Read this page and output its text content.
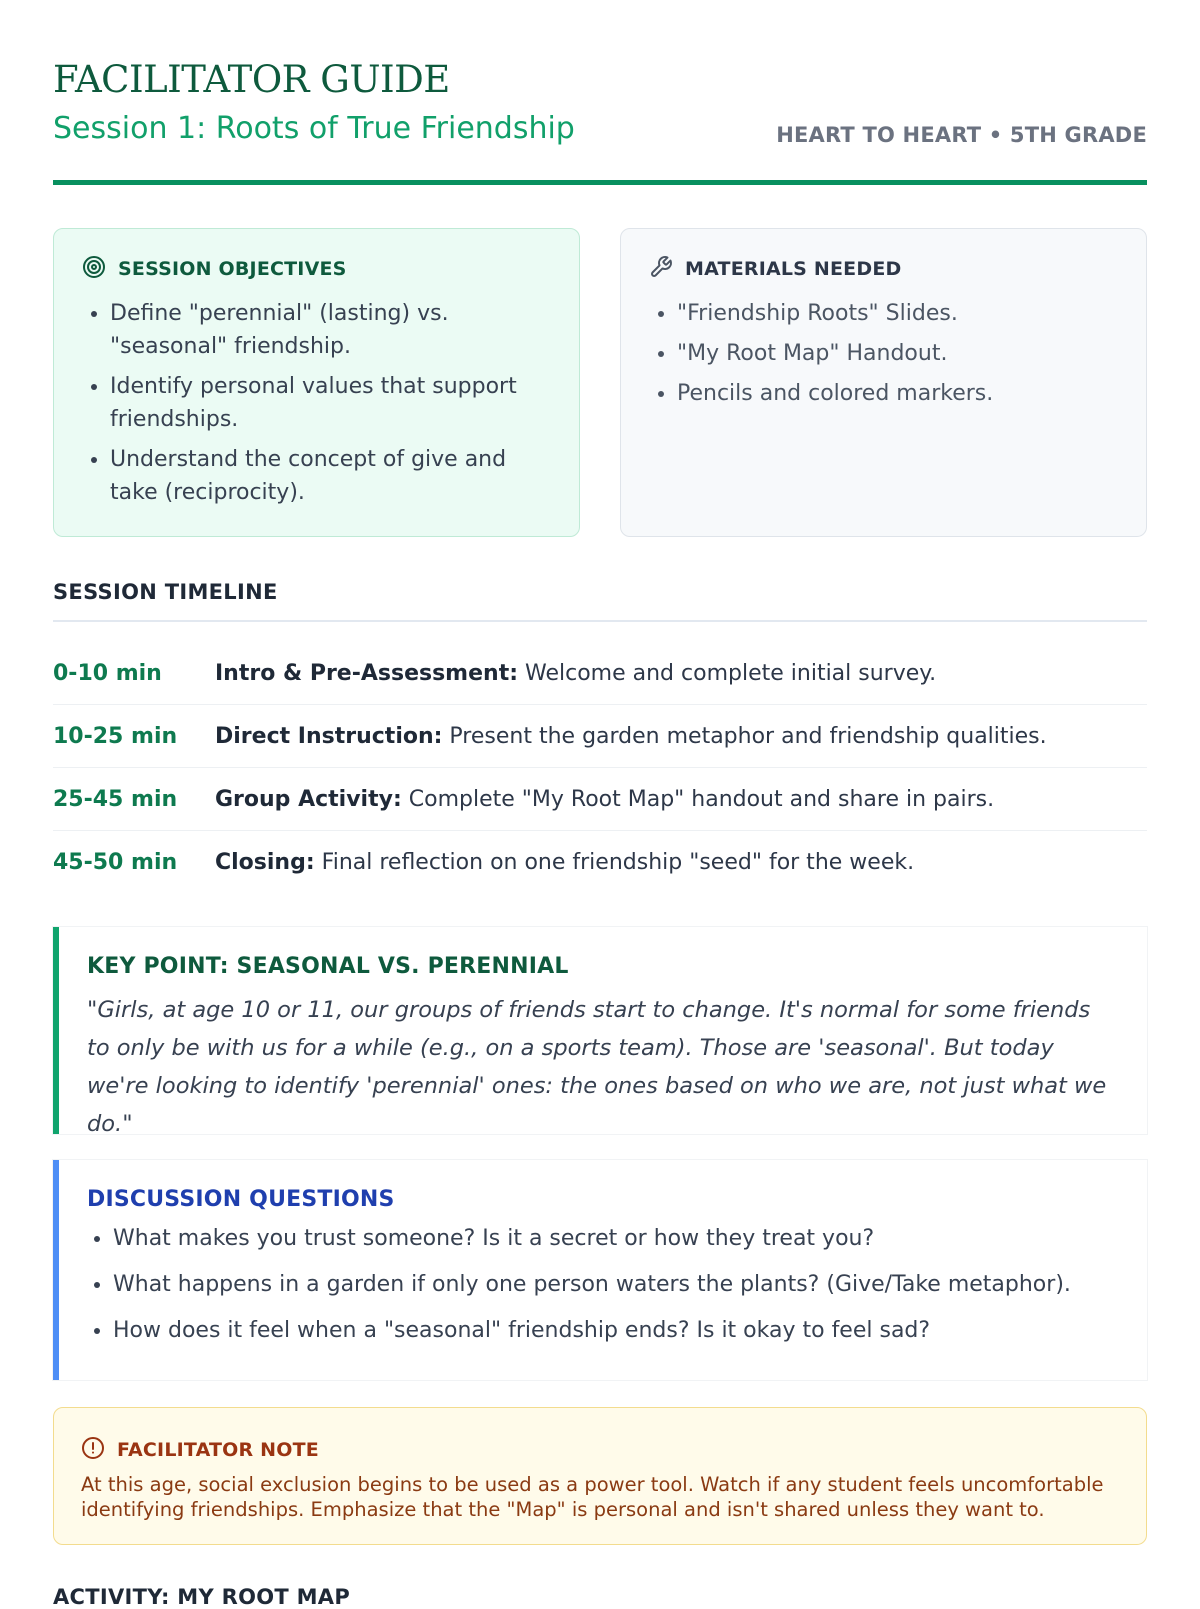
FACILITATOR GUIDE
Session 1: Roots of True Friendship	HEART TO HEART • 5TH GRADE
SESSION OBJECTIVES
• Define "perennial" (lasting) vs. "seasonal" friendship.
• Identify personal values that support friendships.
• Understand the concept of give and take (reciprocity).
MATERIALS NEEDED
• "Friendship Roots" Slides.
• "My Root Map" Handout.
• Pencils and colored markers.
SESSION TIMELINE
0-10 min	Intro & Pre-Assessment: Welcome and complete initial survey.
10-25 min	Direct Instruction: Present the garden metaphor and friendship qualities.
25-45 min	Group Activity: Complete "My Root Map" handout and share in pairs.
45-50 min	Closing: Final reflection on one friendship "seed" for the week.
KEY POINT: SEASONAL VS. PERENNIAL
"Girls, at age 10 or 11, our groups of friends start to change. It's normal for some friends to only be with us for a while (e.g., on a sports team). Those are 'seasonal'. But today we're looking to identify 'perennial' ones: the ones based on who we are, not just what we do."
DISCUSSION QUESTIONS
• What makes you trust someone? Is it a secret or how they treat you?
• What happens in a garden if only one person waters the plants? (Give/Take metaphor).
• How does it feel when a "seasonal" friendship ends? Is it okay to feel sad?
FACILITATOR NOTE
At this age, social exclusion begins to be used as a power tool. Watch if any student feels uncomfortable identifying friendships. Emphasize that the "Map" is personal and isn't shared unless they want to.
ACTIVITY: MY ROOT MAP
